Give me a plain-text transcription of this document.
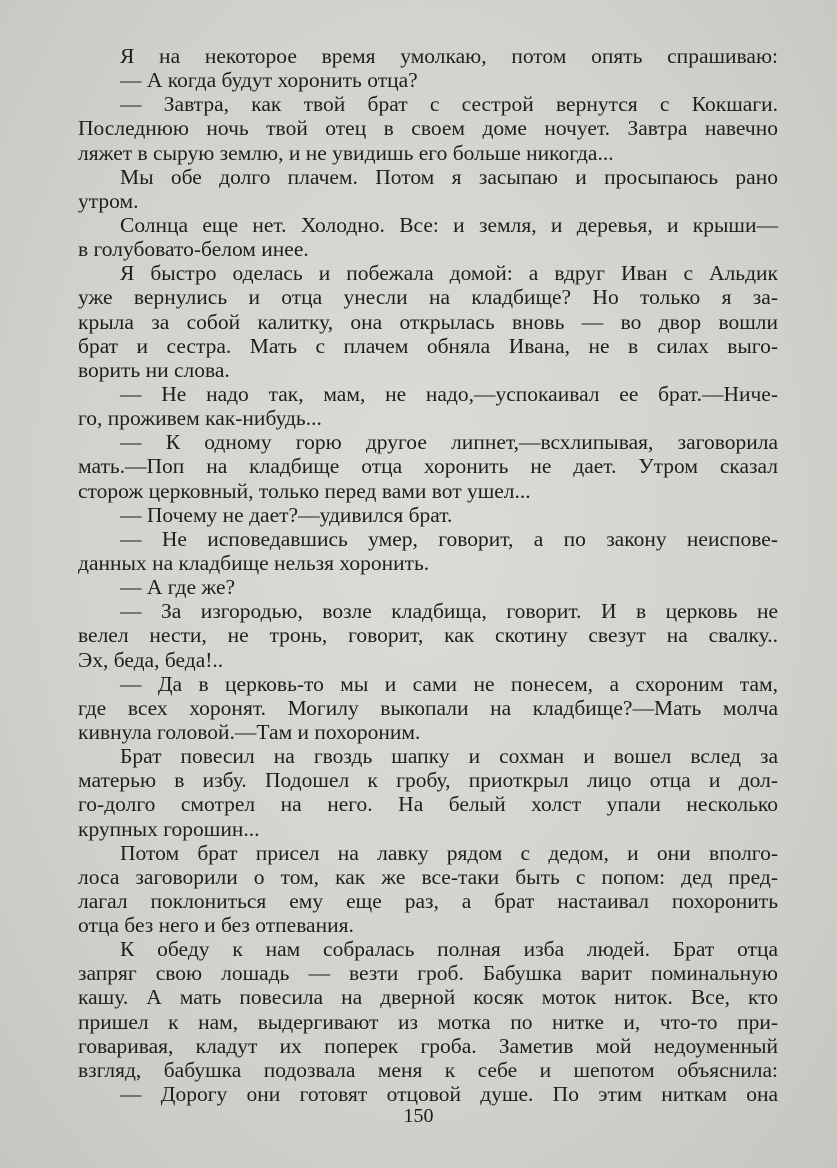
Я на некоторое время умолкаю, потом опять спрашиваю:
— А когда будут хоронить отца?
— Завтра, как твой брат с сестрой вернутся с Кокшаги.
Последнюю ночь твой отец в своем доме ночует. Завтра навечно
ляжет в сырую землю, и не увидишь его больше никогда...
Мы обе долго плачем. Потом я засыпаю и просыпаюсь рано
утром.
Солнца еще нет. Холодно. Все: и земля, и деревья, и крыши—
в голубовато-белом инее.
Я быстро оделась и побежала домой: а вдруг Иван с Альдик
уже вернулись и отца унесли на кладбище? Но только я за-
крыла за собой калитку, она открылась вновь — во двор вошли
брат и сестра. Мать с плачем обняла Ивана, не в силах выго-
ворить ни слова.
— Не надо так, мам, не надо,—успокаивал ее брат.—Ниче-
го, проживем как-нибудь...
— К одному горю другое липнет,—всхлипывая, заговорила
мать.—Поп на кладбище отца хоронить не дает. Утром сказал
сторож церковный, только перед вами вот ушел...
— Почему не дает?—удивился брат.
— Не исповедавшись умер, говорит, а по закону неиспове-
данных на кладбище нельзя хоронить.
— А где же?
— За изгородью, возле кладбища, говорит. И в церковь не
велел нести, не тронь, говорит, как скотину свезут на свалку..
Эх, беда, беда!..
— Да в церковь-то мы и сами не понесем, а схороним там,
где всех хоронят. Могилу выкопали на кладбище?—Мать молча
кивнула головой.—Там и похороним.
Брат повесил на гвоздь шапку и сохман и вошел вслед за
матерью в избу. Подошел к гробу, приоткрыл лицо отца и дол-
го-долго смотрел на него. На белый холст упали несколько
крупных горошин...
Потом брат присел на лавку рядом с дедом, и они вполго-
лоса заговорили о том, как же все-таки быть с попом: дед пред-
лагал поклониться ему еще раз, а брат настаивал похоронить
отца без него и без отпевания.
К обеду к нам собралась полная изба людей. Брат отца
запряг свою лошадь — везти гроб. Бабушка варит поминальную
кашу. А мать повесила на дверной косяк моток ниток. Все, кто
пришел к нам, выдергивают из мотка по нитке и, что-то при-
говаривая, кладут их поперек гроба. Заметив мой недоуменный
взгляд, бабушка подозвала меня к себе и шепотом объяснила:
— Дорогу они готовят отцовой душе. По этим ниткам она
150
